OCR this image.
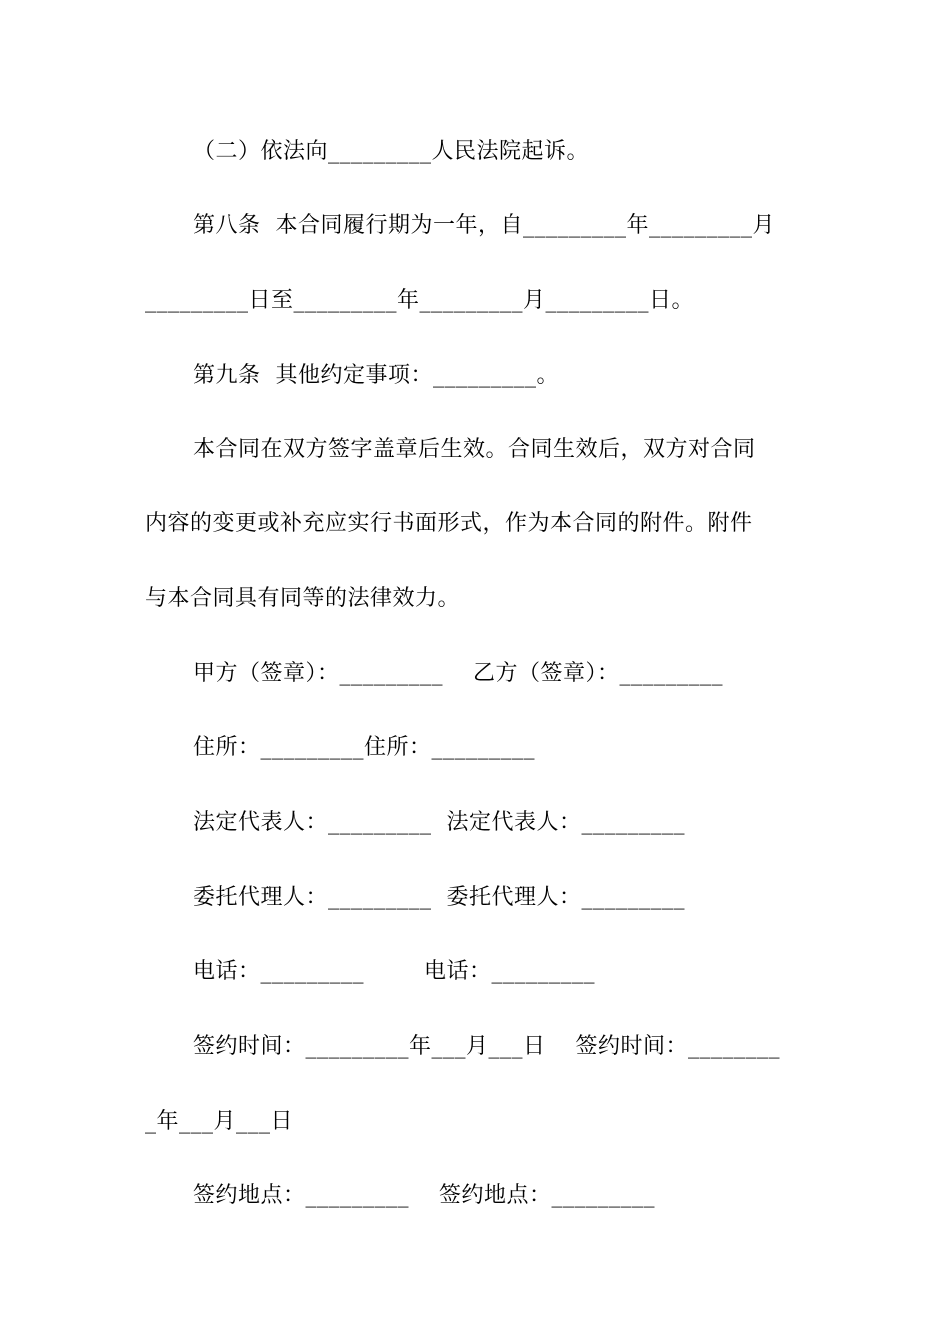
（二）依法向_________人民法院起诉。
第八条  本合同履行期为一年，自_________年_________月
_________日至_________年_________月_________日。
第九条  其他约定事项：_________。
本合同在双方签字盖章后生效。合同生效后，双方对合同
内容的变更或补充应实行书面形式，作为本合同的附件。附件
与本合同具有同等的法律效力。
甲方（签章）：_________    乙方（签章）：_________
住所：_________住所：_________
法定代表人：_________  法定代表人：_________
委托代理人：_________  委托代理人：_________
电话：_________        电话：_________
签约时间：_________年___月___日    签约时间：________
_年___月___日
签约地点：_________    签约地点：_________
